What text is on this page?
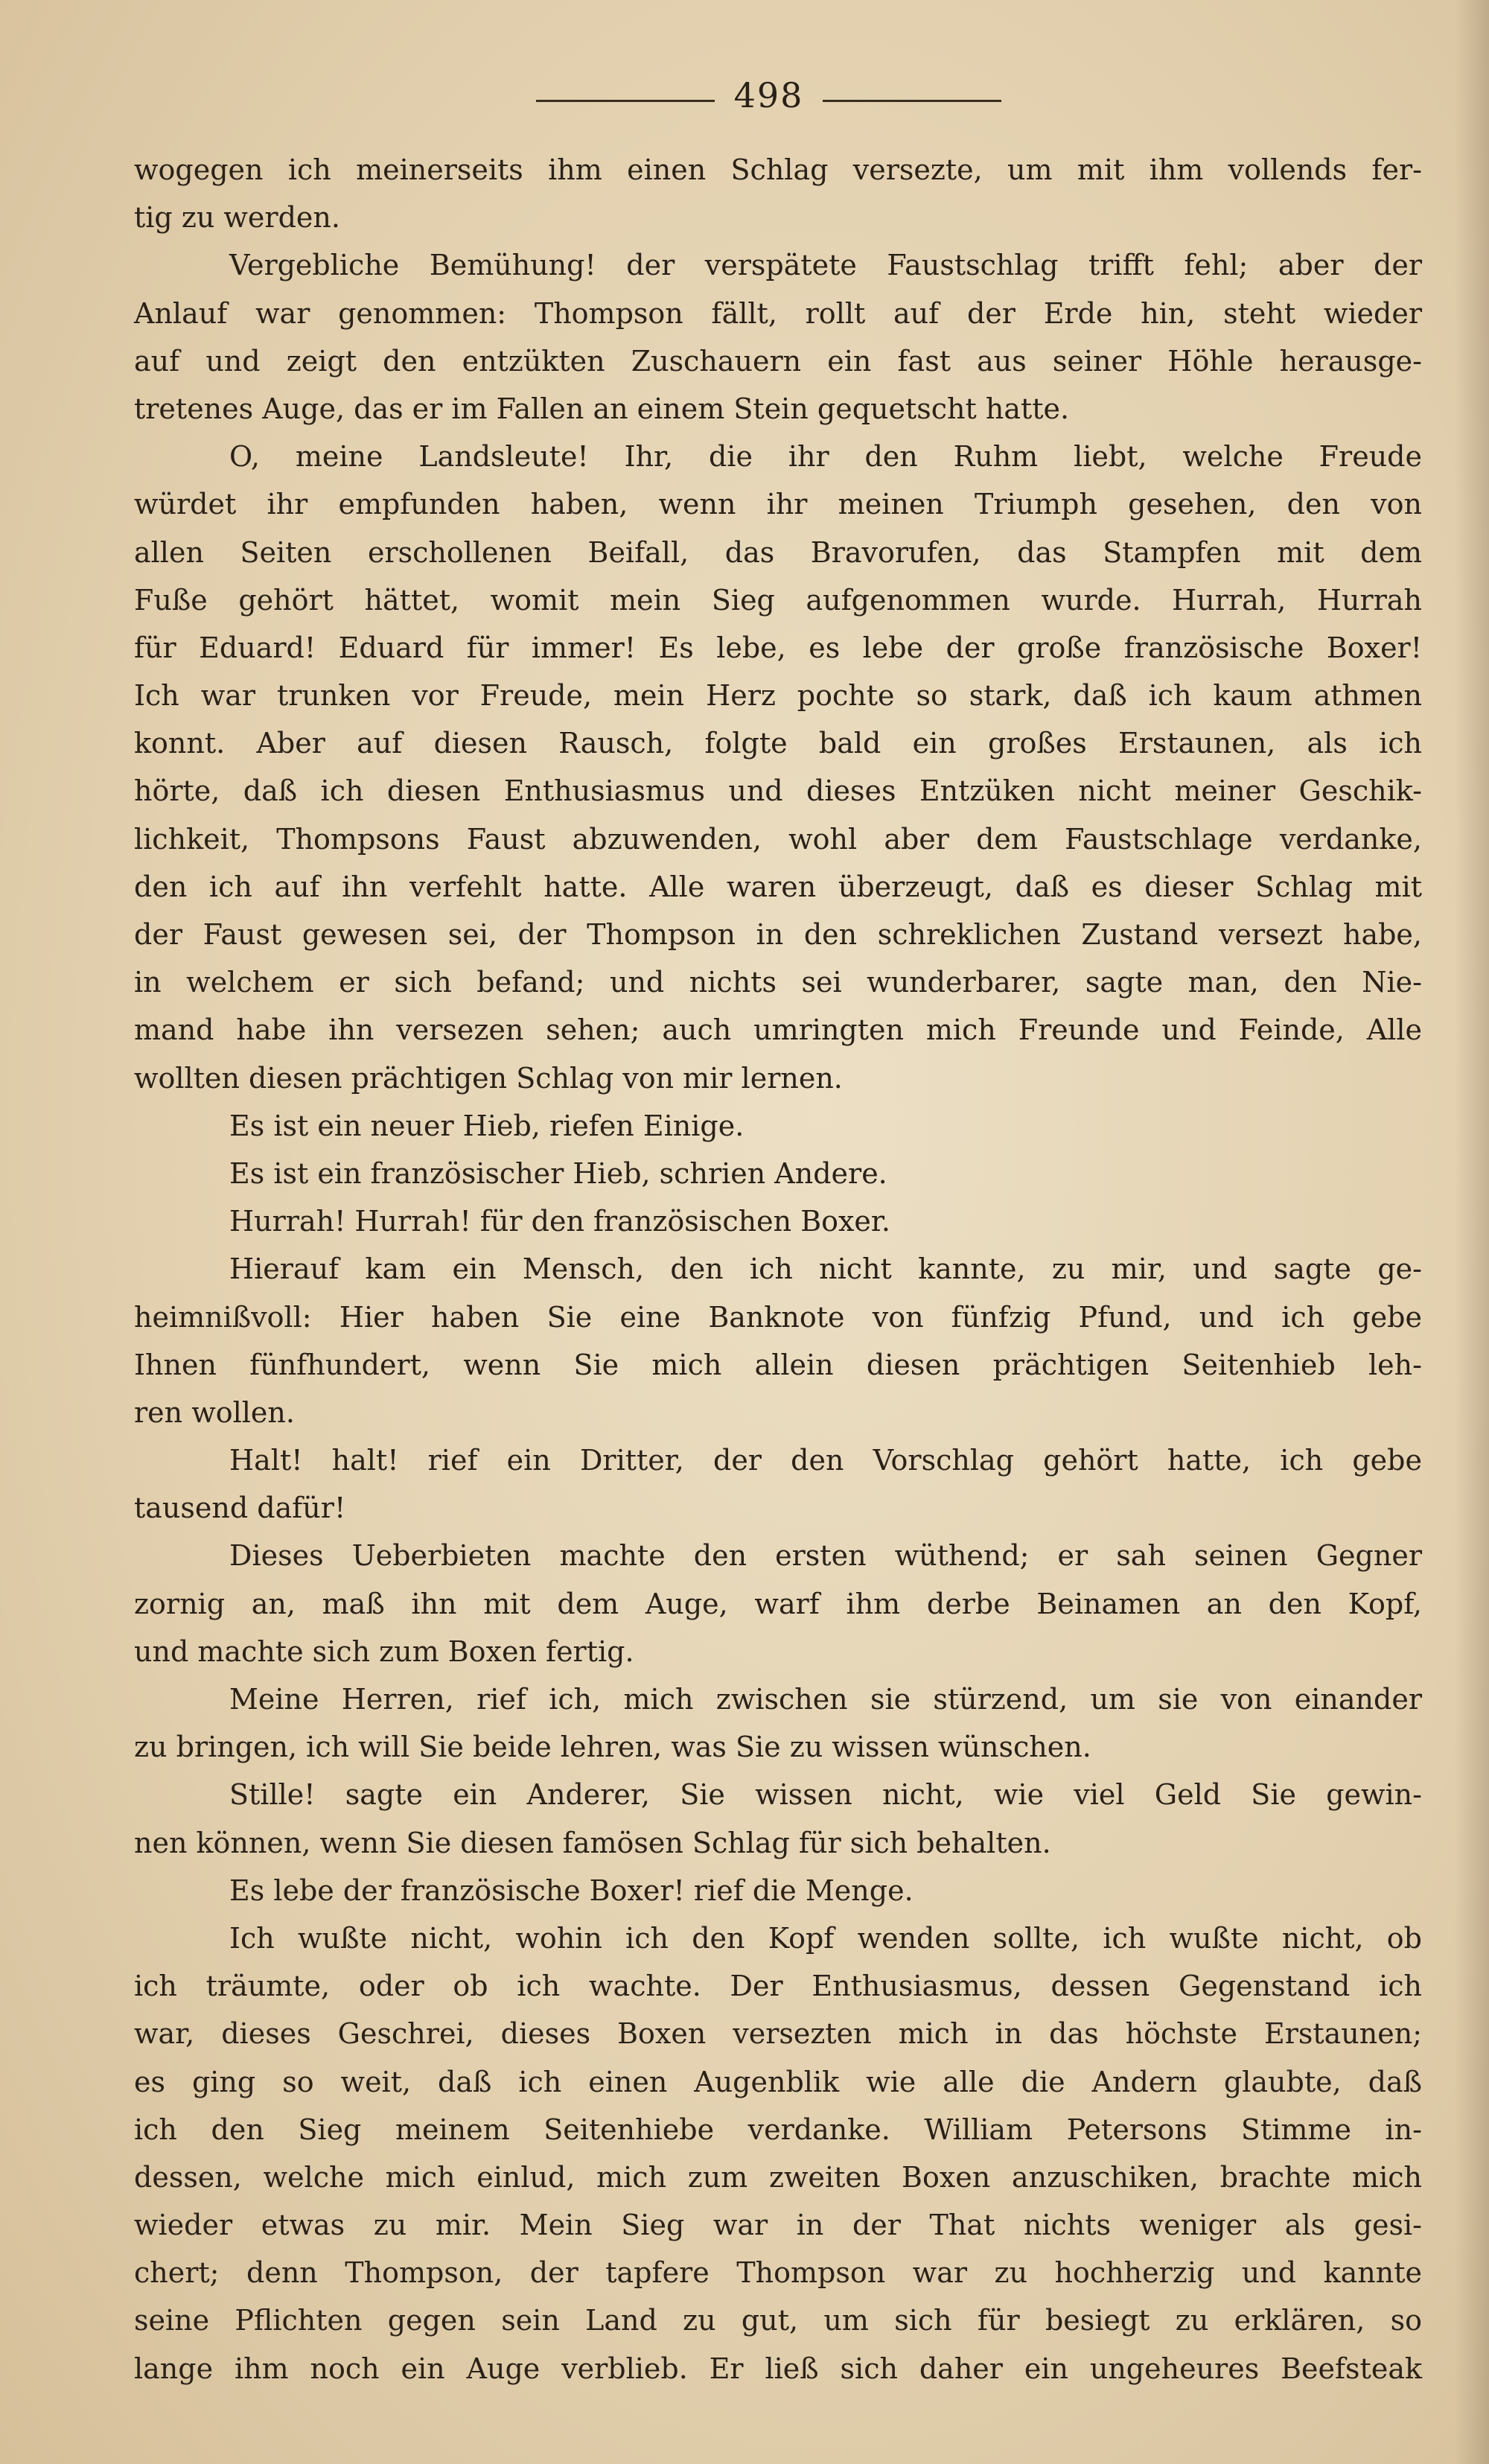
498
wogegen ich meinerseits ihm einen Schlag versezte, um mit ihm vollends fer-
tig zu werden.
Vergebliche Bemühung! der verspätete Faustschlag trifft fehl; aber der
Anlauf war genommen: Thompson fällt, rollt auf der Erde hin, steht wieder
auf und zeigt den entzükten Zuschauern ein fast aus seiner Höhle herausge-
tretenes Auge, das er im Fallen an einem Stein gequetscht hatte.
O, meine Landsleute! Ihr, die ihr den Ruhm liebt, welche Freude
würdet ihr empfunden haben, wenn ihr meinen Triumph gesehen, den von
allen Seiten erschollenen Beifall, das Bravorufen, das Stampfen mit dem
Fuße gehört hättet, womit mein Sieg aufgenommen wurde. Hurrah, Hurrah
für Eduard! Eduard für immer! Es lebe, es lebe der große französische Boxer!
Ich war trunken vor Freude, mein Herz pochte so stark, daß ich kaum athmen
konnt. Aber auf diesen Rausch, folgte bald ein großes Erstaunen, als ich
hörte, daß ich diesen Enthusiasmus und dieses Entzüken nicht meiner Geschik-
lichkeit, Thompsons Faust abzuwenden, wohl aber dem Faustschlage verdanke,
den ich auf ihn verfehlt hatte. Alle waren überzeugt, daß es dieser Schlag mit
der Faust gewesen sei, der Thompson in den schreklichen Zustand versezt habe,
in welchem er sich befand; und nichts sei wunderbarer, sagte man, den Nie-
mand habe ihn versezen sehen; auch umringten mich Freunde und Feinde, Alle
wollten diesen prächtigen Schlag von mir lernen.
Es ist ein neuer Hieb, riefen Einige.
Es ist ein französischer Hieb, schrien Andere.
Hurrah! Hurrah! für den französischen Boxer.
Hierauf kam ein Mensch, den ich nicht kannte, zu mir, und sagte ge-
heimnißvoll: Hier haben Sie eine Banknote von fünfzig Pfund, und ich gebe
Ihnen fünfhundert, wenn Sie mich allein diesen prächtigen Seitenhieb leh-
ren wollen.
Halt! halt! rief ein Dritter, der den Vorschlag gehört hatte, ich gebe
tausend dafür!
Dieses Ueberbieten machte den ersten wüthend; er sah seinen Gegner
zornig an, maß ihn mit dem Auge, warf ihm derbe Beinamen an den Kopf,
und machte sich zum Boxen fertig.
Meine Herren, rief ich, mich zwischen sie stürzend, um sie von einander
zu bringen, ich will Sie beide lehren, was Sie zu wissen wünschen.
Stille! sagte ein Anderer, Sie wissen nicht, wie viel Geld Sie gewin-
nen können, wenn Sie diesen famösen Schlag für sich behalten.
Es lebe der französische Boxer! rief die Menge.
Ich wußte nicht, wohin ich den Kopf wenden sollte, ich wußte nicht, ob
ich träumte, oder ob ich wachte. Der Enthusiasmus, dessen Gegenstand ich
war, dieses Geschrei, dieses Boxen versezten mich in das höchste Erstaunen;
es ging so weit, daß ich einen Augenblik wie alle die Andern glaubte, daß
ich den Sieg meinem Seitenhiebe verdanke. William Petersons Stimme in-
dessen, welche mich einlud, mich zum zweiten Boxen anzuschiken, brachte mich
wieder etwas zu mir. Mein Sieg war in der That nichts weniger als gesi-
chert; denn Thompson, der tapfere Thompson war zu hochherzig und kannte
seine Pflichten gegen sein Land zu gut, um sich für besiegt zu erklären, so
lange ihm noch ein Auge verblieb. Er ließ sich daher ein ungeheures Beefsteak
